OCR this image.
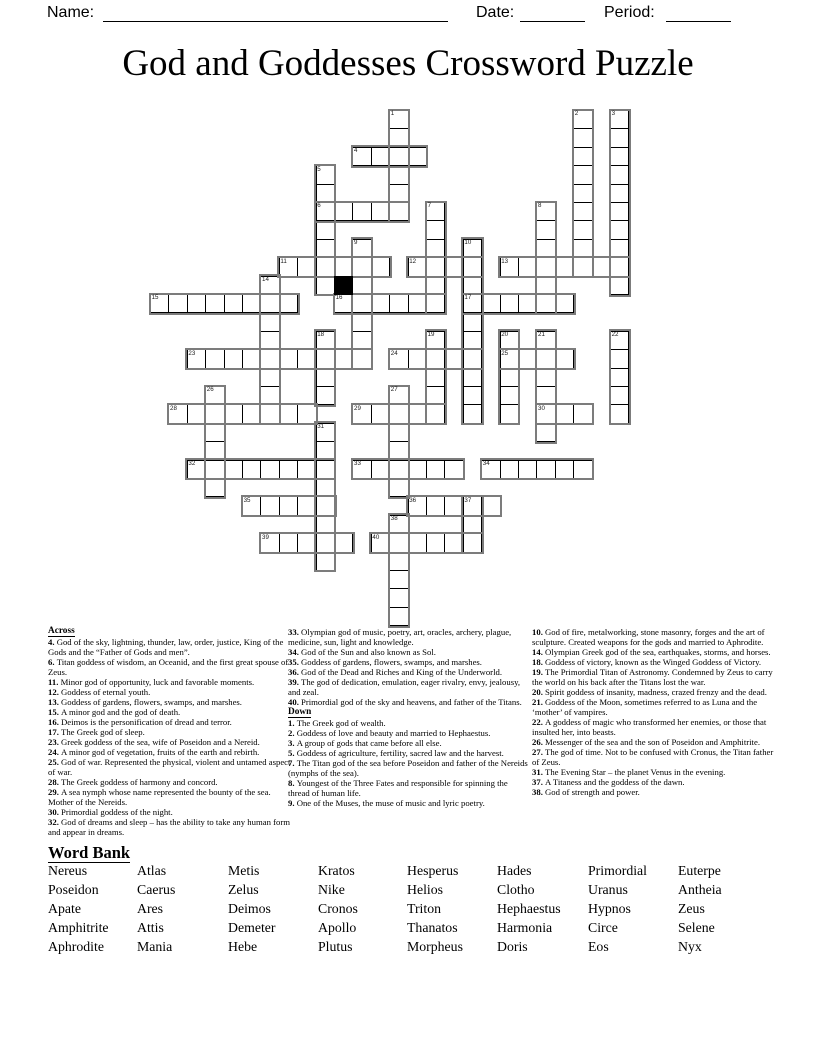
Name:	Date:	Period:
God and Goddesses Crossword Puzzle
1	2	3
4
5
6	7	8
9	10
17
11	12	13
14
15	16
18	19	20
25
21
30
22
23	24
26	27
28	29
31
32	33	34
35	36	37
38
39	40
Across
4. God of the sky, lightning, thunder, law, order, justice, King of the Gods and the “Father of Gods and men”.
6. Titan goddess of wisdom, an Oceanid, and the first great spouse of Zeus.
11. Minor god of opportunity, luck and favorable moments.
12. Goddess of eternal youth.
13. Goddess of gardens, flowers, swamps, and marshes.
15. A minor god and the god of death.
16. Deimos is the personification of dread and terror.
17. The Greek god of sleep.
23. Greek goddess of the sea, wife of Poseidon and a Nereid.
24. A minor god of vegetation, fruits of the earth and rebirth.
25. God of war. Represented the physical, violent and untamed aspect of war.
28. The Greek goddess of harmony and concord.
29. A sea nymph whose name represented the bounty of the sea. Mother of the Nereids.
30. Primordial goddess of the night.
32. God of dreams and sleep – has the ability to take any human form and appear in dreams.
33. Olympian god of music, poetry, art, oracles, archery, plague, medicine, sun, light and knowledge.
34. God of the Sun and also known as Sol.
35. Goddess of gardens, flowers, swamps, and marshes.
36. God of the Dead and Riches and King of the Underworld.
39. The god of dedication, emulation, eager rivalry, envy, jealousy, and zeal.
40. Primordial god of the sky and heavens, and father of the Titans.
Down
1. The Greek god of wealth.
2. Goddess of love and beauty and married to Hephaestus.
3. A group of gods that came before all else.
5. Goddess of agriculture, fertility, sacred law and the harvest.
7. The Titan god of the sea before Poseidon and father of the Nereids (nymphs of the sea).
8. Youngest of the Three Fates and responsible for spinning the thread of human life.
9. One of the Muses, the muse of music and lyric poetry.
10. God of fire, metalworking, stone masonry, forges and the art of sculpture. Created weapons for the gods and married to Aphrodite.
14. Olympian Greek god of the sea, earthquakes, storms, and horses.
18. Goddess of victory, known as the Winged Goddess of Victory.
19. The Primordial Titan of Astronomy. Condemned by Zeus to carry the world on his back after the Titans lost the war.
20. Spirit goddess of insanity, madness, crazed frenzy and the dead.
21. Goddess of the Moon, sometimes referred to as Luna and the ‘mother’ of vampires.
22. A goddess of magic who transformed her enemies, or those that insulted her, into beasts.
26. Messenger of the sea and the son of Poseidon and Amphitrite.
27. The god of time. Not to be confused with Cronus, the Titan father of Zeus.
31. The Evening Star – the planet Venus in the evening.
37. A Titaness and the goddess of the dawn.
38. God of strength and power.
Word Bank
Nereus	Atlas	Metis	Kratos	Hesperus	Hades	Primordial	Euterpe
Poseidon	Caerus	Zelus	Nike	Helios	Clotho	Uranus	Antheia
Apate	Ares	Deimos	Cronos	Triton	Hephaestus	Hypnos	Zeus
Amphitrite	Attis	Demeter	Apollo	Thanatos	Harmonia	Circe	Selene
Aphrodite	Mania	Hebe	Plutus	Morpheus	Doris	Eos	Nyx
